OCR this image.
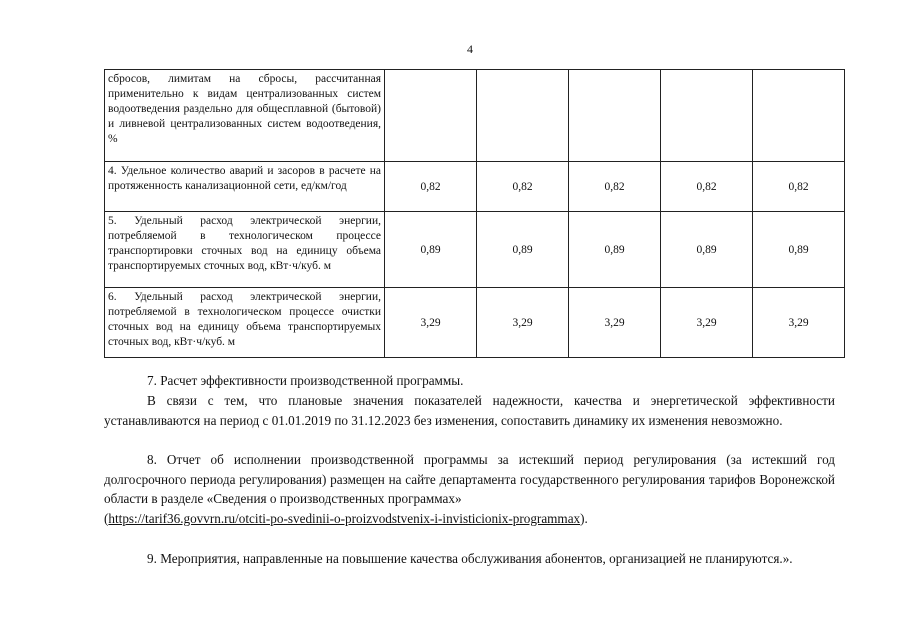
4
сбросов, лимитам на сбросы, рассчитанная применительно к видам централизованных систем водоотведения раздельно для общесплавной (бытовой) и ливневой централизованных систем водоотведения, %					
4. Удельное количество аварий и засоров в расчете на протяженность канализационной сети, ед/км/год	0,82	0,82	0,82	0,82	0,82
5. Удельный расход электрической энергии, потребляемой в технологическом процессе транспортировки сточных вод на единицу объема транспортируемых сточных вод, кВт·ч/куб. м	0,89	0,89	0,89	0,89	0,89
6. Удельный расход электрической энергии, потребляемой в технологическом процессе очистки сточных вод на единицу объема транспортируемых сточных вод, кВт·ч/куб. м	3,29	3,29	3,29	3,29	3,29

7. Расчет эффективности производственной программы.

В связи с тем, что плановые значения показателей надежности, качества и энергетической эффективности устанавливаются на период с 01.01.2019 по 31.12.2023 без изменения, сопоставить динамику их изменения невозможно.

8. Отчет об исполнении производственной программы за истекший период регулирования (за истекший год долгосрочного периода регулирования) размещен на сайте департамента государственного регулирования тарифов Воронежской области в разделе «Сведения о производственных программах»
(https://tarif36.govvrn.ru/otciti-po-svedinii-o-proizvodstvenix-i-invisticionix-programmax).

9. Мероприятия, направленные на повышение качества обслуживания абонентов, организацией не планируются.».
